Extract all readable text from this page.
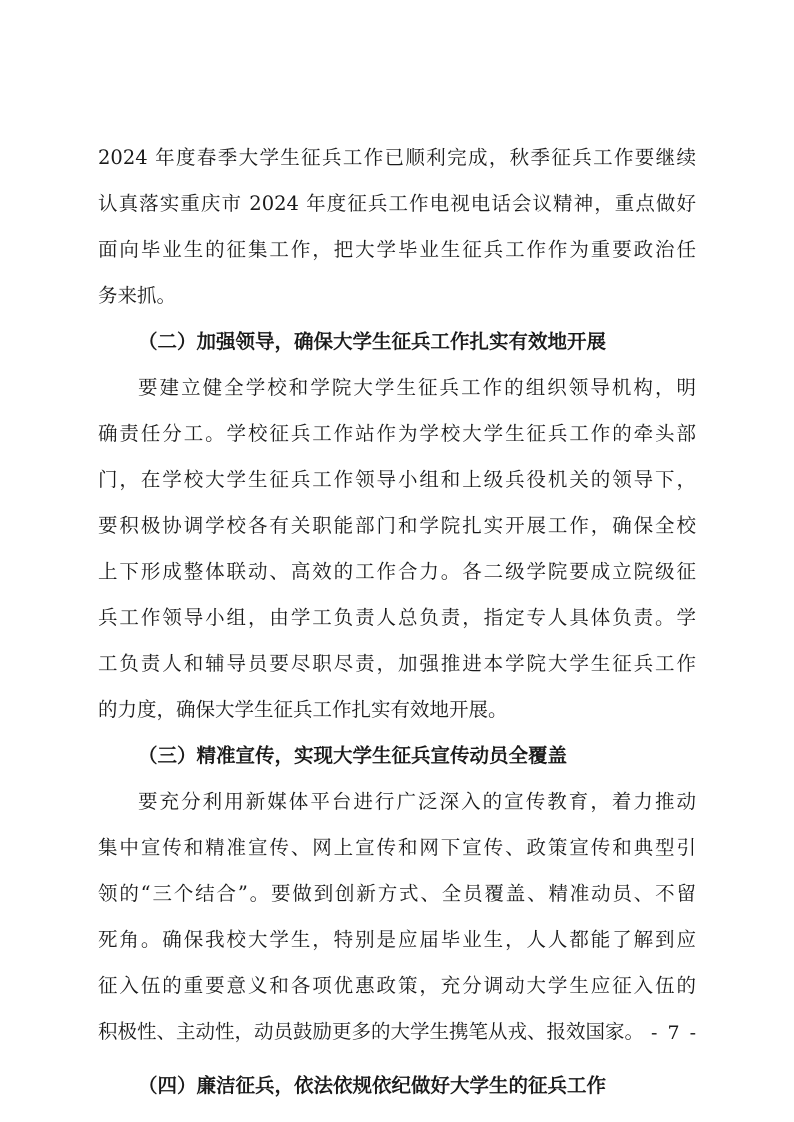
2024 年度春季大学生征兵工作已顺利完成，秋季征兵工作要继续
认真落实重庆市 2024 年度征兵工作电视电话会议精神，重点做好
面向毕业生的征集工作，把大学毕业生征兵工作作为重要政治任
务来抓。
（二）加强领导，确保大学生征兵工作扎实有效地开展
要建立健全学校和学院大学生征兵工作的组织领导机构，明
确责任分工。学校征兵工作站作为学校大学生征兵工作的牵头部
门，在学校大学生征兵工作领导小组和上级兵役机关的领导下，
要积极协调学校各有关职能部门和学院扎实开展工作，确保全校
上下形成整体联动、高效的工作合力。各二级学院要成立院级征
兵工作领导小组，由学工负责人总负责，指定专人具体负责。学
工负责人和辅导员要尽职尽责，加强推进本学院大学生征兵工作
的力度，确保大学生征兵工作扎实有效地开展。
（三）精准宣传，实现大学生征兵宣传动员全覆盖
要充分利用新媒体平台进行广泛深入的宣传教育，着力推动
集中宣传和精准宣传、网上宣传和网下宣传、政策宣传和典型引
领的“三个结合”。要做到创新方式、全员覆盖、精准动员、不留
死角。确保我校大学生，特别是应届毕业生，人人都能了解到应
征入伍的重要意义和各项优惠政策，充分调动大学生应征入伍的
积极性、主动性，动员鼓励更多的大学生携笔从戎、报效国家。
（四）廉洁征兵，依法依规依纪做好大学生的征兵工作
- 7 -
